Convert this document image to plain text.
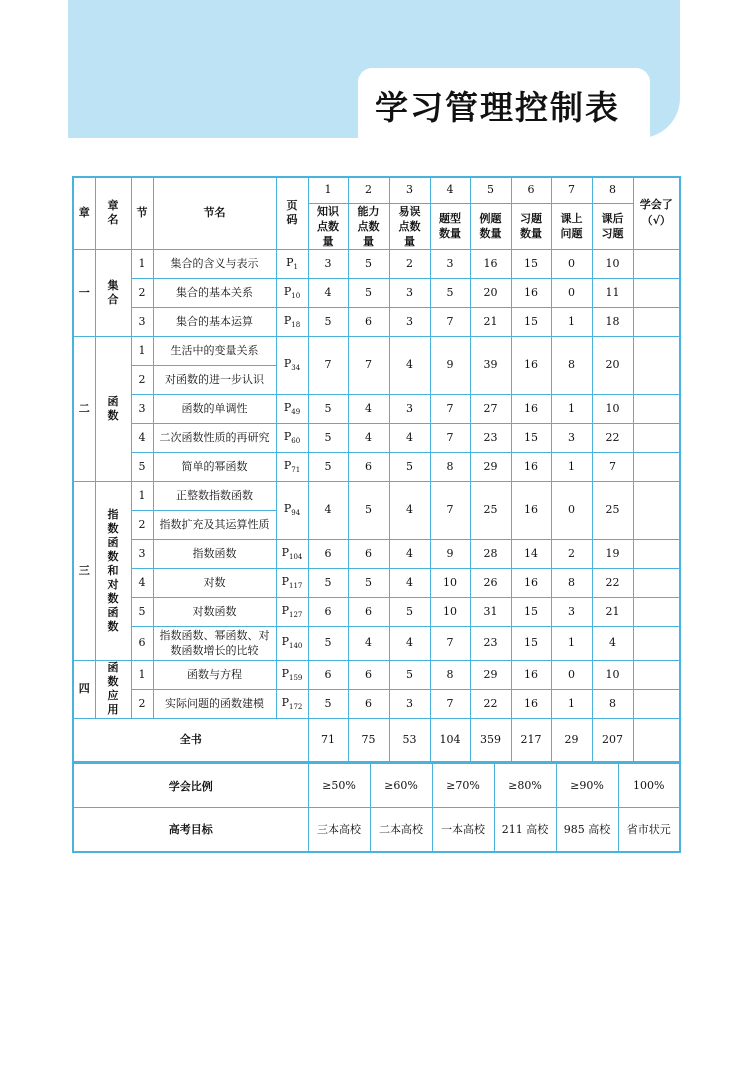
学习管理控制表
章	章名	节	节名	页码	1	2	3	4	5	6	7	8	学会了（√）
					知识点数量	能力点数量	易误点数量	题型数量	例题数量	习题数量	课上问题	课后习题	
一	集合	1	集合的含义与表示	$P_1$	3	5	2	3	16	15	0	10	
		2	集合的基本关系	$P_{10}$	4	5	3	5	20	16	0	11	
		3	集合的基本运算	$P_{18}$	5	6	3	7	21	15	1	18	
二	函数	1	生活中的变量关系	$P_{34}$	7	7	4	9	39	16	8	20	
		2	对函数的进一步认识										
		3	函数的单调性	$P_{49}$	5	4	3	7	27	16	1	10	
		4	二次函数性质的再研究	$P_{60}$	5	4	4	7	23	15	3	22	
		5	简单的幂函数	$P_{71}$	5	6	5	8	29	16	1	7	
三	指数函数和对数函数	1	正整数指数函数	$P_{94}$	4	5	4	7	25	16	0	25	
		2	指数扩充及其运算性质										
		3	指数函数	$P_{104}$	6	6	4	9	28	14	2	19	
		4	对数	$P_{117}$	5	5	4	10	26	16	8	22	
		5	对数函数	$P_{127}$	6	6	5	10	31	15	3	21	
		6	指数函数、幂函数、对数函数增长的比较	$P_{140}$	5	4	4	7	23	15	1	4	
四	函数应用	1	函数与方程	$P_{159}$	6	6	5	8	29	16	0	10	
		2	实际问题的函数建模	$P_{172}$	5	6	3	7	22	16	1	8	
全书					71	75	53	104	359	217	29	207	
学会比例	≥50%	≥60%	≥70%	≥80%	≥90%	100%
高考目标	三本高校	二本高校	一本高校	211 高校	985 高校	省市状元
